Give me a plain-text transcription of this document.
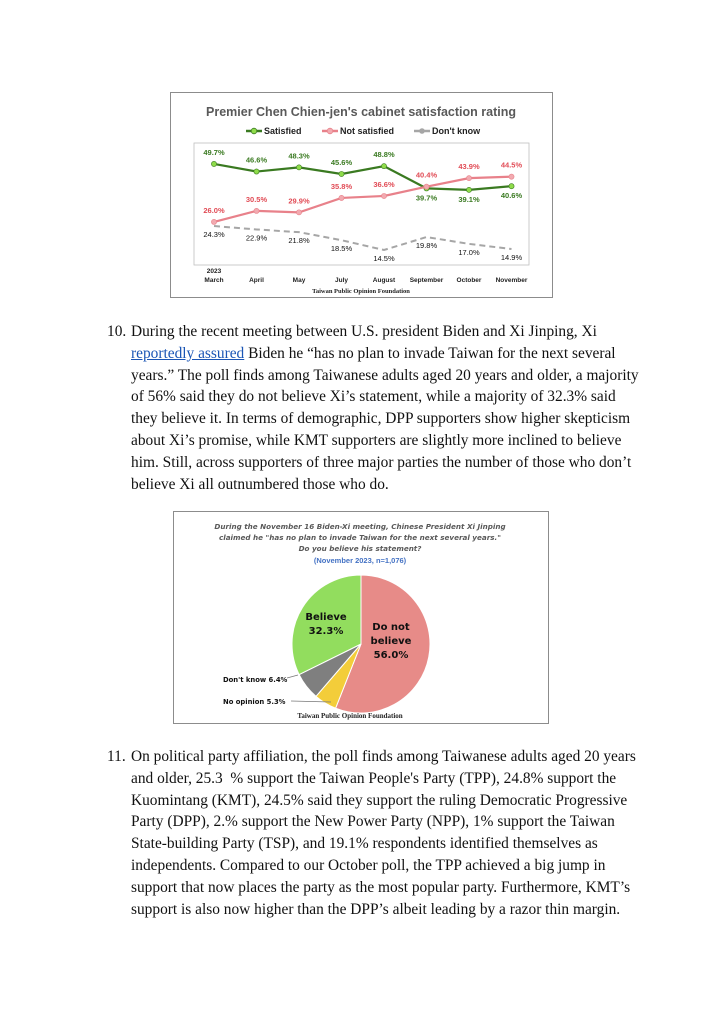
Premier Chen Chien-jen's cabinet satisfaction rating
Satisfied	Not satisfied	Don't know
March	April	May	July	August September October November
49.7%
46.6%	48.3%
45.6%
48.8%
39.7%	39.1%	40.6%
26.0%
30.5%	29.9%
35.8%	36.6%
40.4%
43.9%	44.5%
24.3%	22.9%	21.8%
18.5%
14.5%
19.8%
17.0%
14.9%
2023
Taiwan Public Opinion Foundation
10. During the recent meeting between U.S. president Biden and Xi Jinping, Xi

reportedly assured Biden he “has no plan to invade Taiwan for the next several

years.” The poll finds among Taiwanese adults aged 20 years and older, a majority

of 56% said they do not believe Xi’s statement, while a majority of 32.3% said

they believe it. In terms of demographic, DPP supporters show higher skepticism

about Xi’s promise, while KMT supporters are slightly more inclined to believe

him. Still, across supporters of three major parties the number of those who don’t

believe Xi all outnumbered those who do.

During the November 16 Biden-Xi meeting, Chinese President Xi Jinping
claimed he "has no plan to invade Taiwan for the next several years."
Do you believe his statement?
(November 2023, n=1,076)
Believe
32.3%	Do not
believe
56.0%
Don't know 6.4%
No opinion 5.3%
Taiwan Public Opinion Foundation
11. On political party affiliation, the poll finds among Taiwanese adults aged 20 years

and older, 25.3  % support the Taiwan People's Party (TPP), 24.8% support the

Kuomintang (KMT), 24.5% said they support the ruling Democratic Progressive

Party (DPP), 2.% support the New Power Party (NPP), 1% support the Taiwan

State-building Party (TSP), and 19.1% respondents identified themselves as

independents. Compared to our October poll, the TPP achieved a big jump in

support that now places the party as the most popular party. Furthermore, KMT’s

support is also now higher than the DPP’s albeit leading by a razor thin margin.
